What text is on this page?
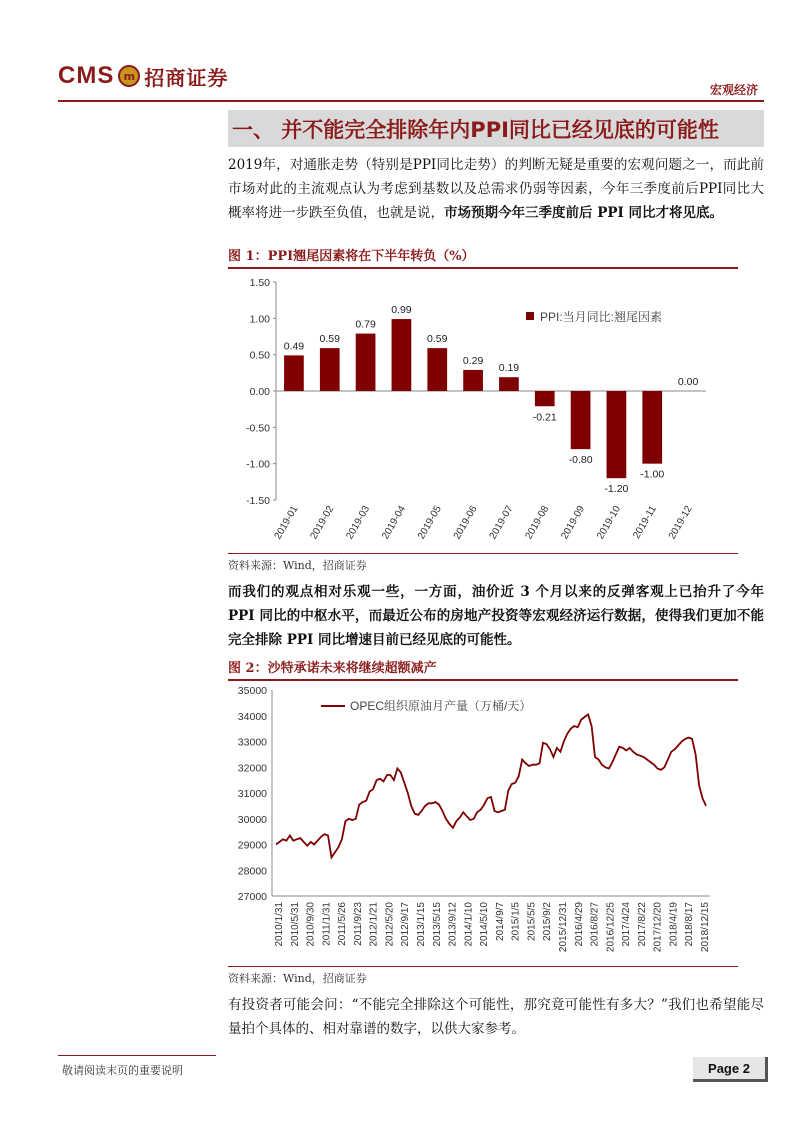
CMS m 招商证券
宏观经济
一、 并不能完全排除年内PPI同比已经见底的可能性
2019年，对通胀走势（特别是PPI同比走势）的判断无疑是重要的宏观问题之一，而此前市场对此的主流观点认为考虑到基数以及总需求仍弱等因素，今年三季度前后PPI同比大概率将进一步跌至负值，也就是说，市场预期今年三季度前后 PPI 同比才将见底。
图 1：PPI翘尾因素将在下半年转负（%）
1.50
1.00
0.50
0.00
-0.50
-1.00
-1.50
0.49
2019-01
0.59
2019-02
0.79
2019-03
0.99
2019-04
0.59
2019-05
0.29
2019-06
0.19
2019-07
-0.21
2019-08
-0.80
2019-09
-1.20
2019-10
-1.00
2019-11
0.00
2019-12
PPI:当月同比:翘尾因素
资料来源：Wind，招商证券
而我们的观点相对乐观一些，一方面，油价近 3 个月以来的反弹客观上已抬升了今年 PPI 同比的中枢水平，而最近公布的房地产投资等宏观经济运行数据，使得我们更加不能完全排除 PPI 同比增速目前已经见底的可能性。
图 2：沙特承诺未来将继续超额减产
35000
34000
33000
32000
31000
30000
29000
28000
27000
2010/1/31 2010/5/31 2010/9/30 2011/1/31 2011/5/26 2011/9/23 2012/1/21 2012/5/20 2012/9/17 2013/1/15 2013/5/15 2013/9/12 2014/1/10 2014/5/10 2014/9/7 2015/1/5 2015/5/5 2015/9/2 2015/12/31 2016/4/29 2016/8/27 2016/12/25 2017/4/24 2017/8/22 2017/12/20 2018/4/19 2018/8/17 2018/12/15
OPEC组织原油月产量（万桶/天）
资料来源：Wind，招商证券
有投资者可能会问：“不能完全排除这个可能性，那究竟可能性有多大？”我们也希望能尽量拍个具体的、相对靠谱的数字，以供大家参考。
敬请阅读末页的重要说明	Page 2
